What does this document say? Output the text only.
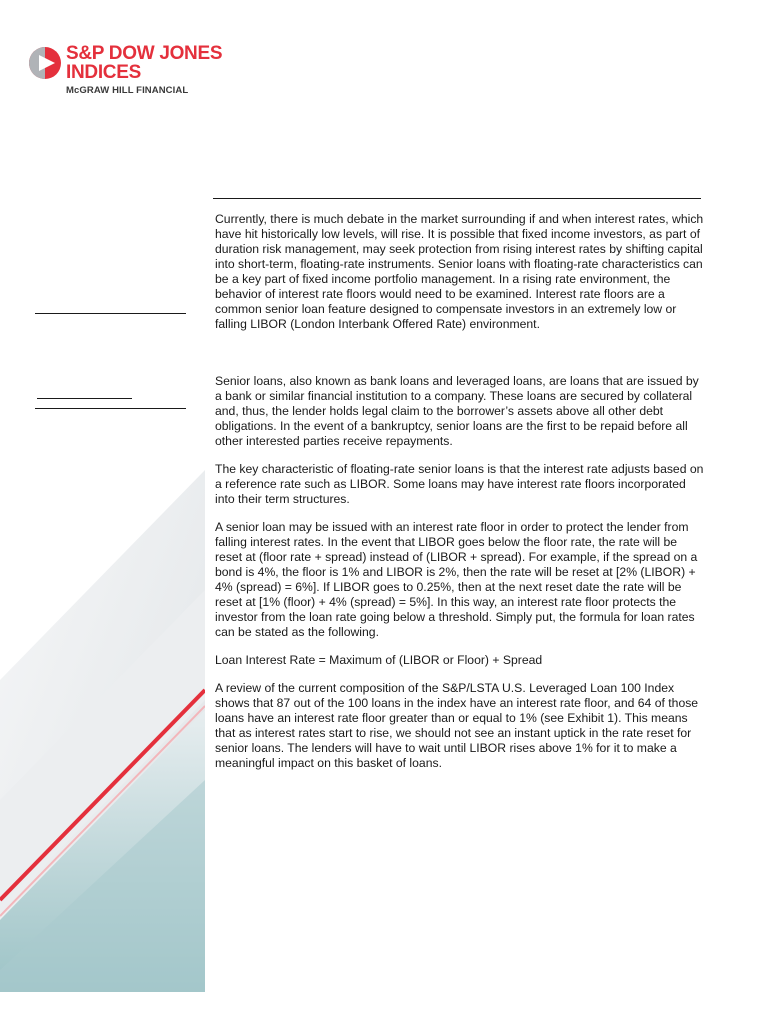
S&P DOW JONES
INDICES
McGRAW HILL FINANCIAL

Currently, there is much debate in the market surrounding if and when interest rates, which have hit historically low levels, will rise. It is possible that fixed income investors, as part of duration risk management, may seek protection from rising interest rates by shifting capital into short-term, floating-rate instruments. Senior loans with floating-rate characteristics can be a key part of fixed income portfolio management. In a rising rate environment, the behavior of interest rate floors would need to be examined. Interest rate floors are a common senior loan feature designed to compensate investors in an extremely low or falling LIBOR (London Interbank Offered Rate) environment.

Senior loans, also known as bank loans and leveraged loans, are loans that are issued by a bank or similar financial institution to a company. These loans are secured by collateral and, thus, the lender holds legal claim to the borrower’s assets above all other debt obligations. In the event of a bankruptcy, senior loans are the first to be repaid before all other interested parties receive repayments.

The key characteristic of floating-rate senior loans is that the interest rate adjusts based on a reference rate such as LIBOR. Some loans may have interest rate floors incorporated into their term structures.

A senior loan may be issued with an interest rate floor in order to protect the lender from falling interest rates. In the event that LIBOR goes below the floor rate, the rate will be reset at (floor rate + spread) instead of (LIBOR + spread). For example, if the spread on a bond is 4%, the floor is 1% and LIBOR is 2%, then the rate will be reset at [2% (LIBOR) + 4% (spread) = 6%]. If LIBOR goes to 0.25%, then at the next reset date the rate will be reset at [1% (floor) + 4% (spread) = 5%]. In this way, an interest rate floor protects the investor from the loan rate going below a threshold. Simply put, the formula for loan rates can be stated as the following.

Loan Interest Rate = Maximum of (LIBOR or Floor) + Spread

A review of the current composition of the S&P/LSTA U.S. Leveraged Loan 100 Index shows that 87 out of the 100 loans in the index have an interest rate floor, and 64 of those loans have an interest rate floor greater than or equal to 1% (see Exhibit 1). This means that as interest rates start to rise, we should not see an instant uptick in the rate reset for senior loans. The lenders will have to wait until LIBOR rises above 1% for it to make a meaningful impact on this basket of loans.
